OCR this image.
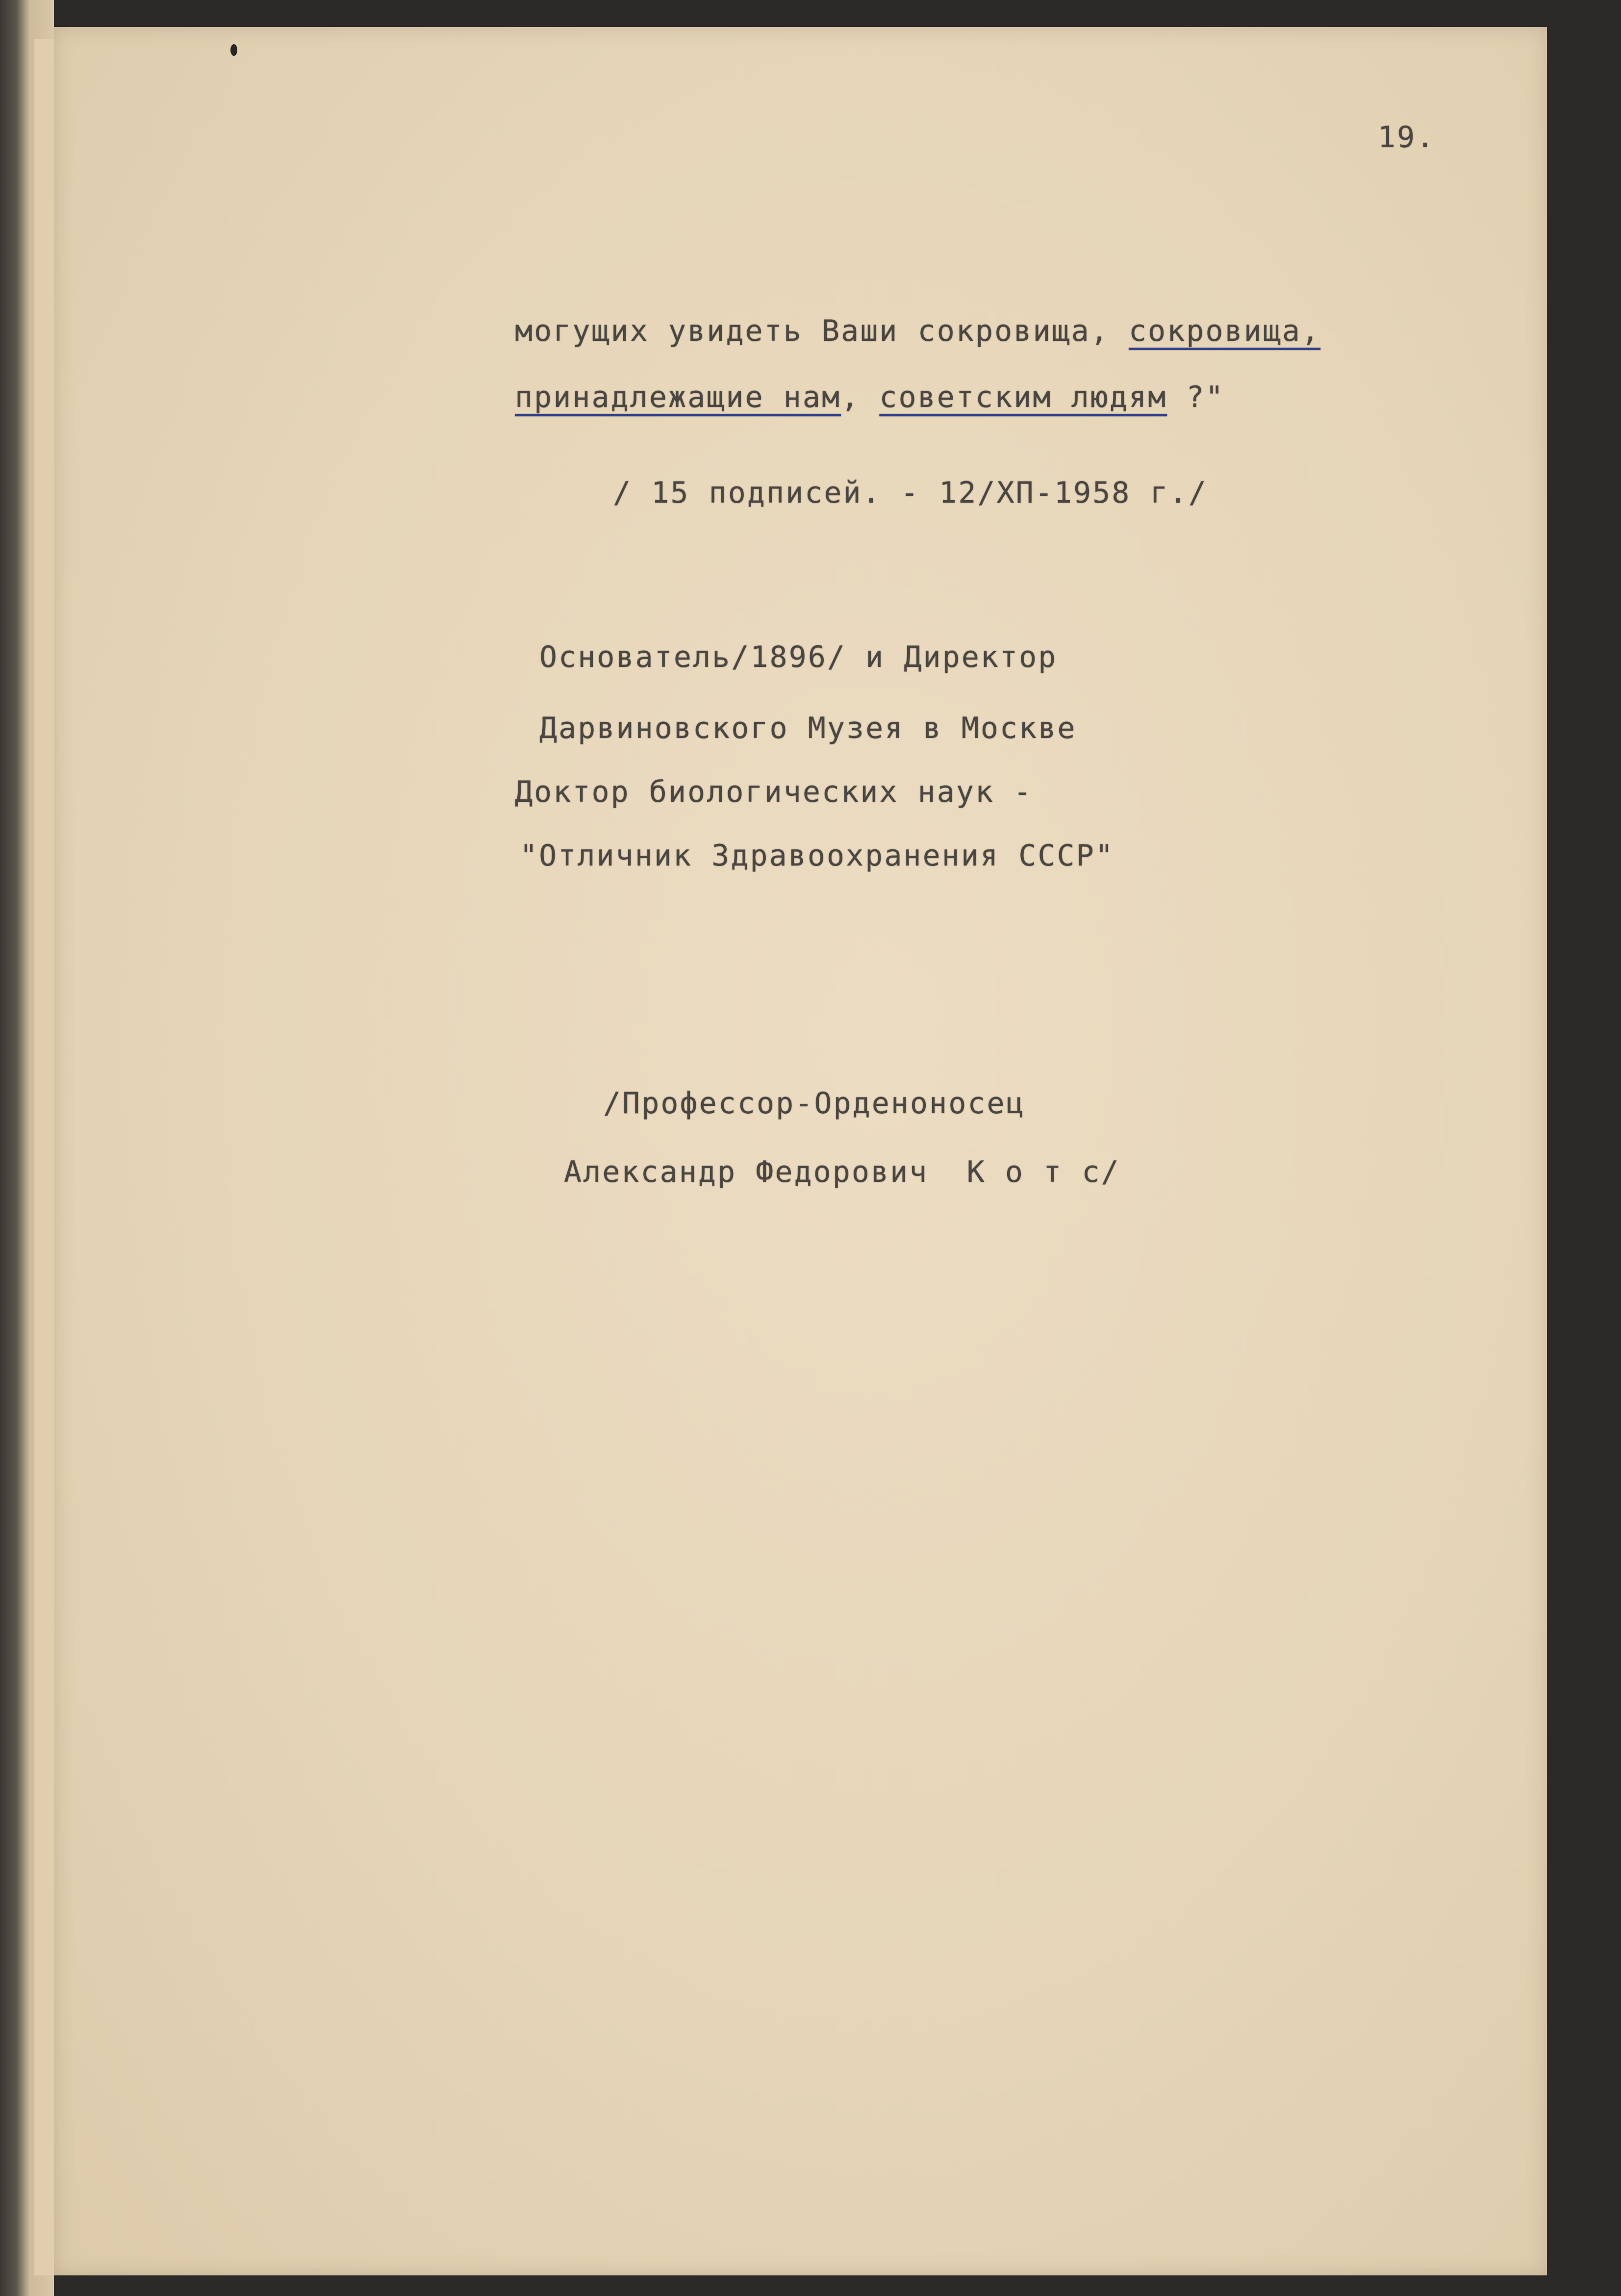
19.
могущих увидеть Ваши сокровища, сокровища,
принадлежащие нам, советским людям ?"
/ 15 подписей. - 12/ХП-1958 г./
Основатель/1896/ и Директор
Дарвиновского Музея в Москве
Доктор биологических наук -
"Отличник Здравоохранения СССР"
/Профессор-Орденоносец
Александр Федорович  К о т с/
